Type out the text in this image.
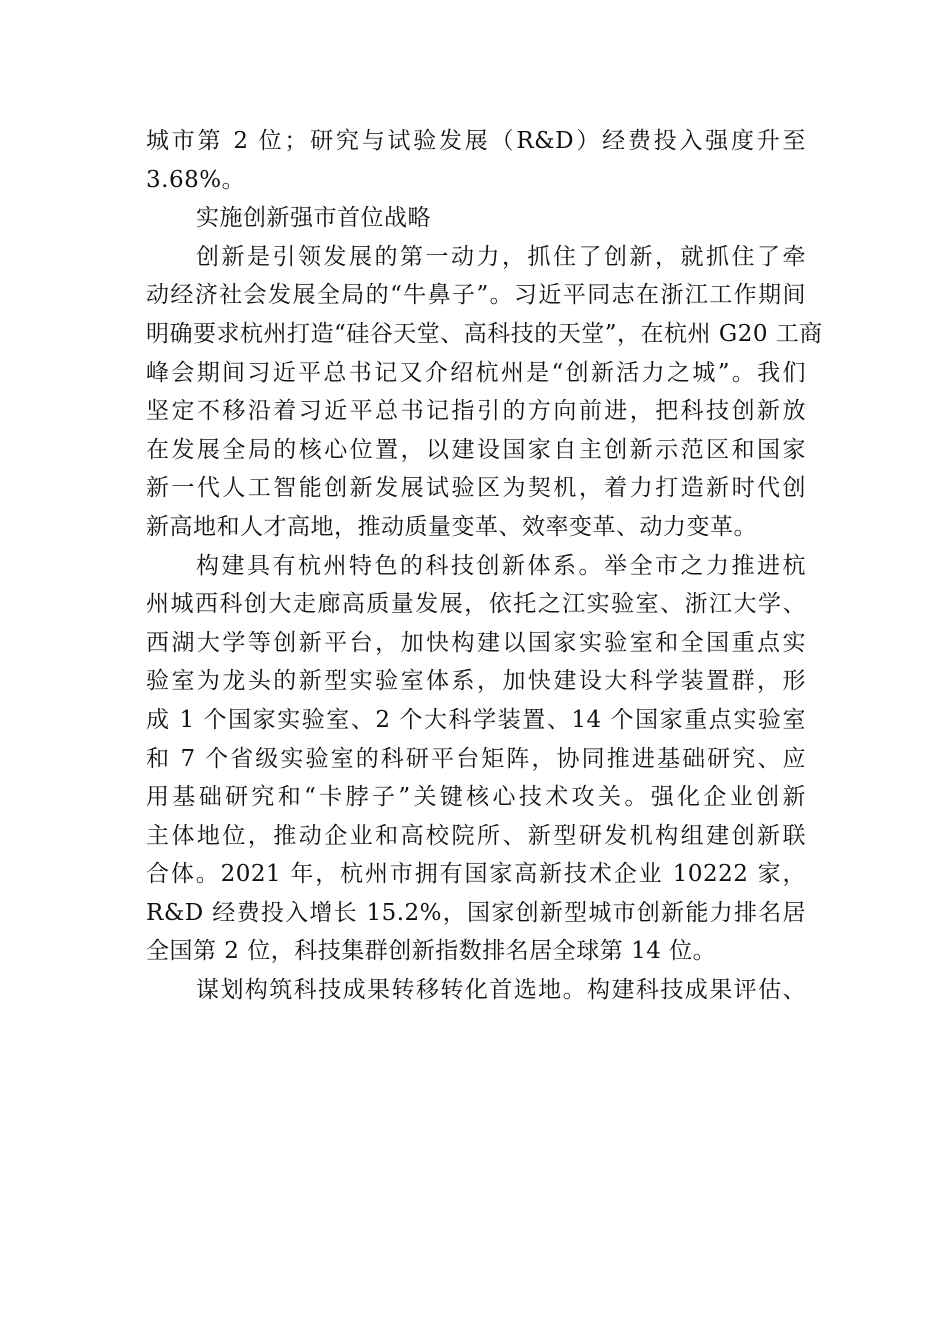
城市第 2 位；研究与试验发展（R&D）经费投入强度升至
3.68%。
实施创新强市首位战略
创新是引领发展的第一动力，抓住了创新，就抓住了牵
动经济社会发展全局的“牛鼻子”。习近平同志在浙江工作期间
明确要求杭州打造“硅谷天堂、高科技的天堂”，在杭州 G20 工商
峰会期间习近平总书记又介绍杭州是“创新活力之城”。我们
坚定不移沿着习近平总书记指引的方向前进，把科技创新放
在发展全局的核心位置，以建设国家自主创新示范区和国家
新一代人工智能创新发展试验区为契机，着力打造新时代创
新高地和人才高地，推动质量变革、效率变革、动力变革。
构建具有杭州特色的科技创新体系。举全市之力推进杭
州城西科创大走廊高质量发展，依托之江实验室、浙江大学、
西湖大学等创新平台，加快构建以国家实验室和全国重点实
验室为龙头的新型实验室体系，加快建设大科学装置群，形
成 1 个国家实验室、2 个大科学装置、14 个国家重点实验室
和 7 个省级实验室的科研平台矩阵，协同推进基础研究、应
用基础研究和“卡脖子”关键核心技术攻关。强化企业创新
主体地位，推动企业和高校院所、新型研发机构组建创新联
合体。2021 年，杭州市拥有国家高新技术企业 10222 家，
R&D 经费投入增长 15.2%，国家创新型城市创新能力排名居
全国第 2 位，科技集群创新指数排名居全球第 14 位。
谋划构筑科技成果转移转化首选地。构建科技成果评估、
